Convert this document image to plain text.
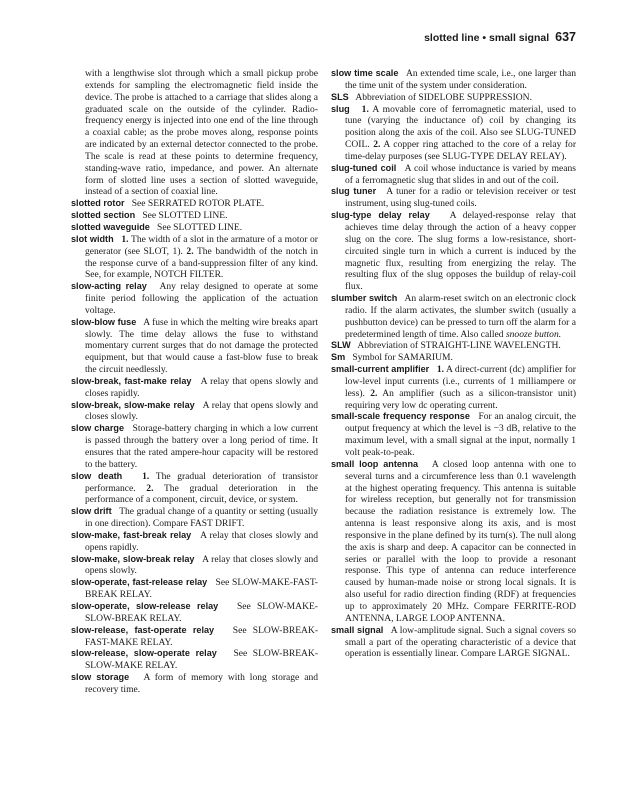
slotted line • small signal 637

with a lengthwise slot through which a small pickup probe extends for sampling the electromagnetic field inside the device. The probe is attached to a carriage that slides along a graduated scale on the outside of the cylinder. Radio-frequency energy is injected into one end of the line through a coaxial cable; as the probe moves along, response points are indicated by an external detector connected to the probe. The scale is read at these points to determine frequency, standing-wave ratio, impedance, and power. An alternate form of slotted line uses a section of slotted waveguide, instead of a section of coaxial line.

slotted rotor See SERRATED ROTOR PLATE.

slotted section See SLOTTED LINE.

slotted waveguide See SLOTTED LINE.

slot width 1. The width of a slot in the armature of a motor or generator (see SLOT, 1). 2. The bandwidth of the notch in the response curve of a band-suppression filter of any kind. See, for example, NOTCH FILTER.

slow-acting relay Any relay designed to operate at some finite period following the application of the actuation voltage.

slow-blow fuse A fuse in which the melting wire breaks apart slowly. The time delay allows the fuse to withstand momentary current surges that do not damage the protected equipment, but that would cause a fast-blow fuse to break the circuit needlessly.

slow-break, fast-make relay A relay that opens slowly and closes rapidly.

slow-break, slow-make relay A relay that opens slowly and closes slowly.

slow charge Storage-battery charging in which a low current is passed through the battery over a long period of time. It ensures that the rated ampere-hour capacity will be restored to the battery.

slow death 1. The gradual deterioration of transistor performance. 2. The gradual deterioration in the performance of a component, circuit, device, or system.

slow drift The gradual change of a quantity or setting (usually in one direction). Compare FAST DRIFT.

slow-make, fast-break relay A relay that closes slowly and opens rapidly.

slow-make, slow-break relay A relay that closes slowly and opens slowly.

slow-operate, fast-release relay See SLOW-MAKE-FAST-BREAK RELAY.

slow-operate, slow-release relay See SLOW-MAKE-SLOW-BREAK RELAY.

slow-release, fast-operate relay See SLOW-BREAK-FAST-MAKE RELAY.

slow-release, slow-operate relay See SLOW-BREAK-SLOW-MAKE RELAY.

slow storage A form of memory with long storage and recovery time.

slow time scale An extended time scale, i.e., one larger than the time unit of the system under consideration.

SLS Abbreviation of SIDELOBE SUPPRESSION.

slug 1. A movable core of ferromagnetic material, used to tune (varying the inductance of) coil by changing its position along the axis of the coil. Also see SLUG-TUNED COIL. 2. A copper ring attached to the core of a relay for time-delay purposes (see SLUG-TYPE DELAY RELAY).

slug-tuned coil A coil whose inductance is varied by means of a ferromagnetic slug that slides in and out of the coil.

slug tuner A tuner for a radio or television receiver or test instrument, using slug-tuned coils.

slug-type delay relay A delayed-response relay that achieves time delay through the action of a heavy copper slug on the core. The slug forms a low-resistance, short-circuited single turn in which a current is induced by the magnetic flux, resulting from energizing the relay. The resulting flux of the slug opposes the buildup of relay-coil flux.

slumber switch An alarm-reset switch on an electronic clock radio. If the alarm activates, the slumber switch (usually a pushbutton device) can be pressed to turn off the alarm for a predetermined length of time. Also called snooze button.

SLW Abbreviation of STRAIGHT-LINE WAVELENGTH.

Sm Symbol for SAMARIUM.

small-current amplifier 1. A direct-current (dc) amplifier for low-level input currents (i.e., currents of 1 milliampere or less). 2. An amplifier (such as a silicon-transistor unit) requiring very low dc operating current.

small-scale frequency response For an analog circuit, the output frequency at which the level is −3 dB, relative to the maximum level, with a small signal at the input, normally 1 volt peak-to-peak.

small loop antenna A closed loop antenna with one to several turns and a circumference less than 0.1 wavelength at the highest operating frequency. This antenna is suitable for wireless reception, but generally not for transmission because the radiation resistance is extremely low. The antenna is least responsive along its axis, and is most responsive in the plane defined by its turn(s). The null along the axis is sharp and deep. A capacitor can be connected in series or parallel with the loop to provide a resonant response. This type of antenna can reduce interference caused by human-made noise or strong local signals. It is also useful for radio direction finding (RDF) at frequencies up to approximately 20 MHz. Compare FERRITE-ROD ANTENNA, LARGE LOOP ANTENNA.

small signal A low-amplitude signal. Such a signal covers so small a part of the operating characteristic of a device that operation is essentially linear. Compare LARGE SIGNAL.
